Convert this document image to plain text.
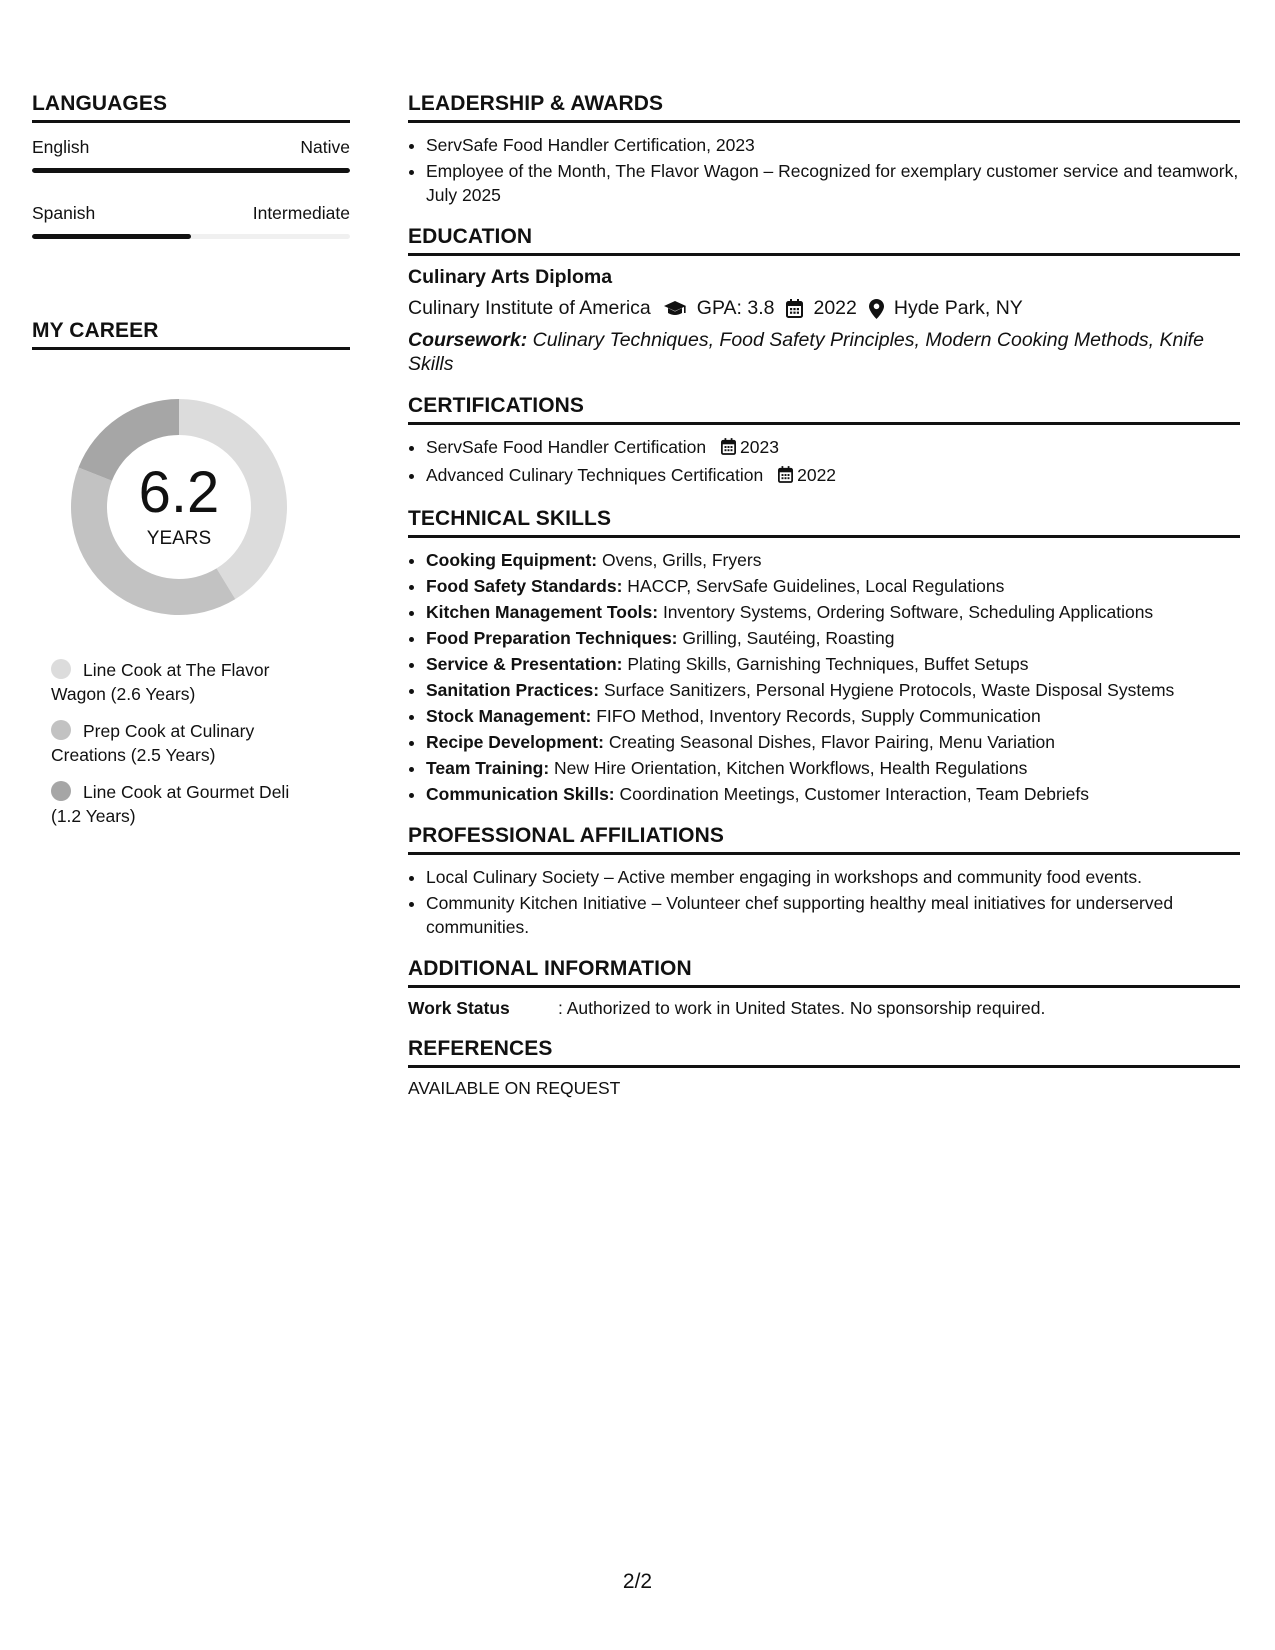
LANGUAGES
English	Native
Spanish	Intermediate
MY CAREER
6.2
YEARS
Line Cook at The Flavor Wagon (2.6 Years)
Prep Cook at Culinary Creations (2.5 Years)
Line Cook at Gourmet Deli (1.2 Years)
LEADERSHIP & AWARDS
• ServSafe Food Handler Certification, 2023
• Employee of the Month, The Flavor Wagon – Recognized for exemplary customer service and teamwork, July 2025
EDUCATION
Culinary Arts Diploma
Culinary Institute of America GPA: 3.8 2022 Hyde Park, NY
Coursework: Culinary Techniques, Food Safety Principles, Modern Cooking Methods, Knife Skills
CERTIFICATIONS
• ServSafe Food Handler Certification 2023
• Advanced Culinary Techniques Certification 2022
TECHNICAL SKILLS
• Cooking Equipment: Ovens, Grills, Fryers
• Food Safety Standards: HACCP, ServSafe Guidelines, Local Regulations
• Kitchen Management Tools: Inventory Systems, Ordering Software, Scheduling Applications
• Food Preparation Techniques: Grilling, Sautéing, Roasting
• Service & Presentation: Plating Skills, Garnishing Techniques, Buffet Setups
• Sanitation Practices: Surface Sanitizers, Personal Hygiene Protocols, Waste Disposal Systems
• Stock Management: FIFO Method, Inventory Records, Supply Communication
• Recipe Development: Creating Seasonal Dishes, Flavor Pairing, Menu Variation
• Team Training: New Hire Orientation, Kitchen Workflows, Health Regulations
• Communication Skills: Coordination Meetings, Customer Interaction, Team Debriefs
PROFESSIONAL AFFILIATIONS
• Local Culinary Society – Active member engaging in workshops and community food events.
• Community Kitchen Initiative – Volunteer chef supporting healthy meal initiatives for underserved communities.
ADDITIONAL INFORMATION
Work Status	: Authorized to work in United States. No sponsorship required.
REFERENCES
AVAILABLE ON REQUEST
2/2
